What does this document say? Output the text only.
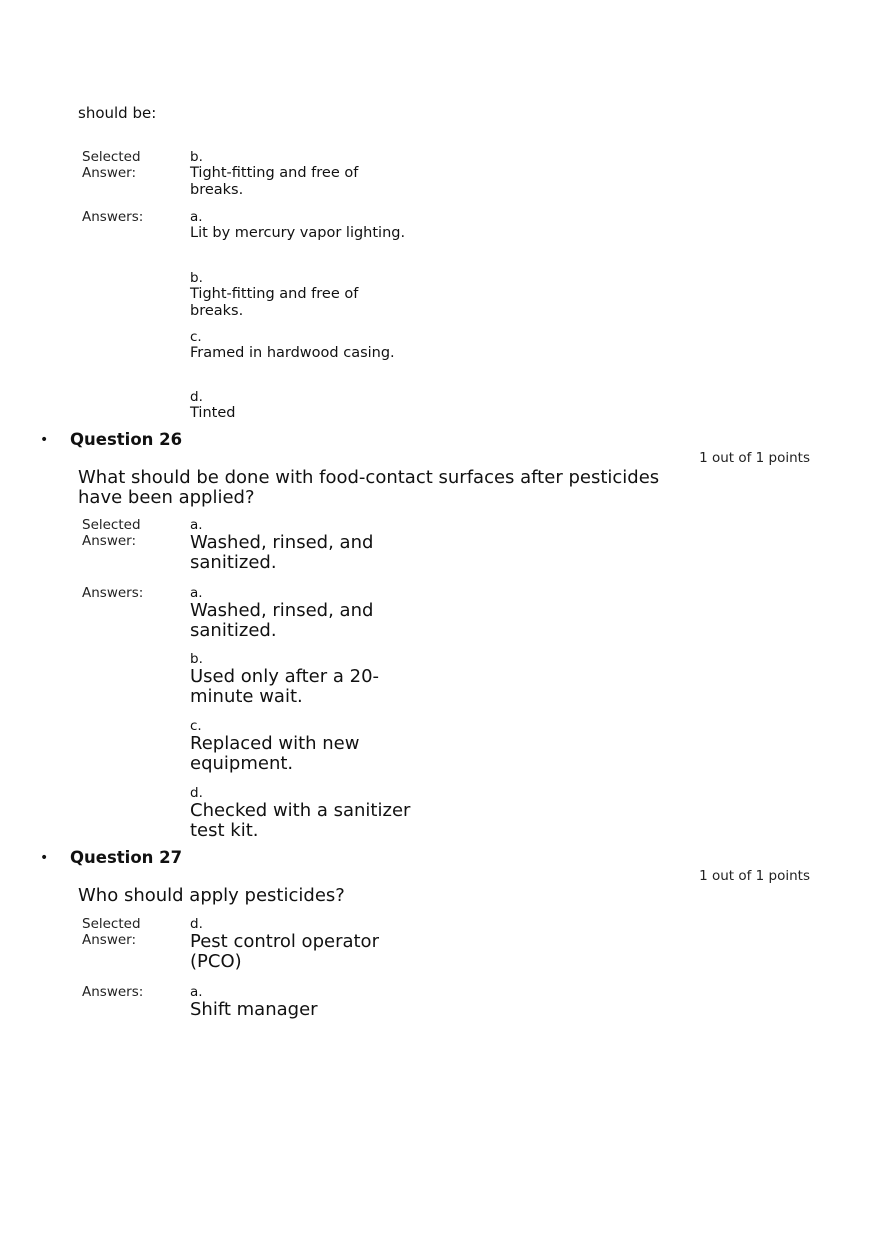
should be:
Selected Answer:
b.
Tight-fitting and free of breaks.
Answers:	a.
Lit by mercury vapor lighting.
b.
Tight-fitting and free of breaks.
c.
Framed in hardwood casing.
d.
Tinted
• Question 26
1 out of 1 points
What should be done with food-contact surfaces after pesticides have been applied?
Selected Answer:
a.
Washed, rinsed, and sanitized.
Answers:	a.
Washed, rinsed, and sanitized.
b.
Used only after a 20-minute wait.
c.
Replaced with new equipment.
d.
Checked with a sanitizer test kit.
• Question 27
1 out of 1 points
Who should apply pesticides?
Selected Answer:
d.
Pest control operator (PCO)
Answers:	a.
Shift manager
